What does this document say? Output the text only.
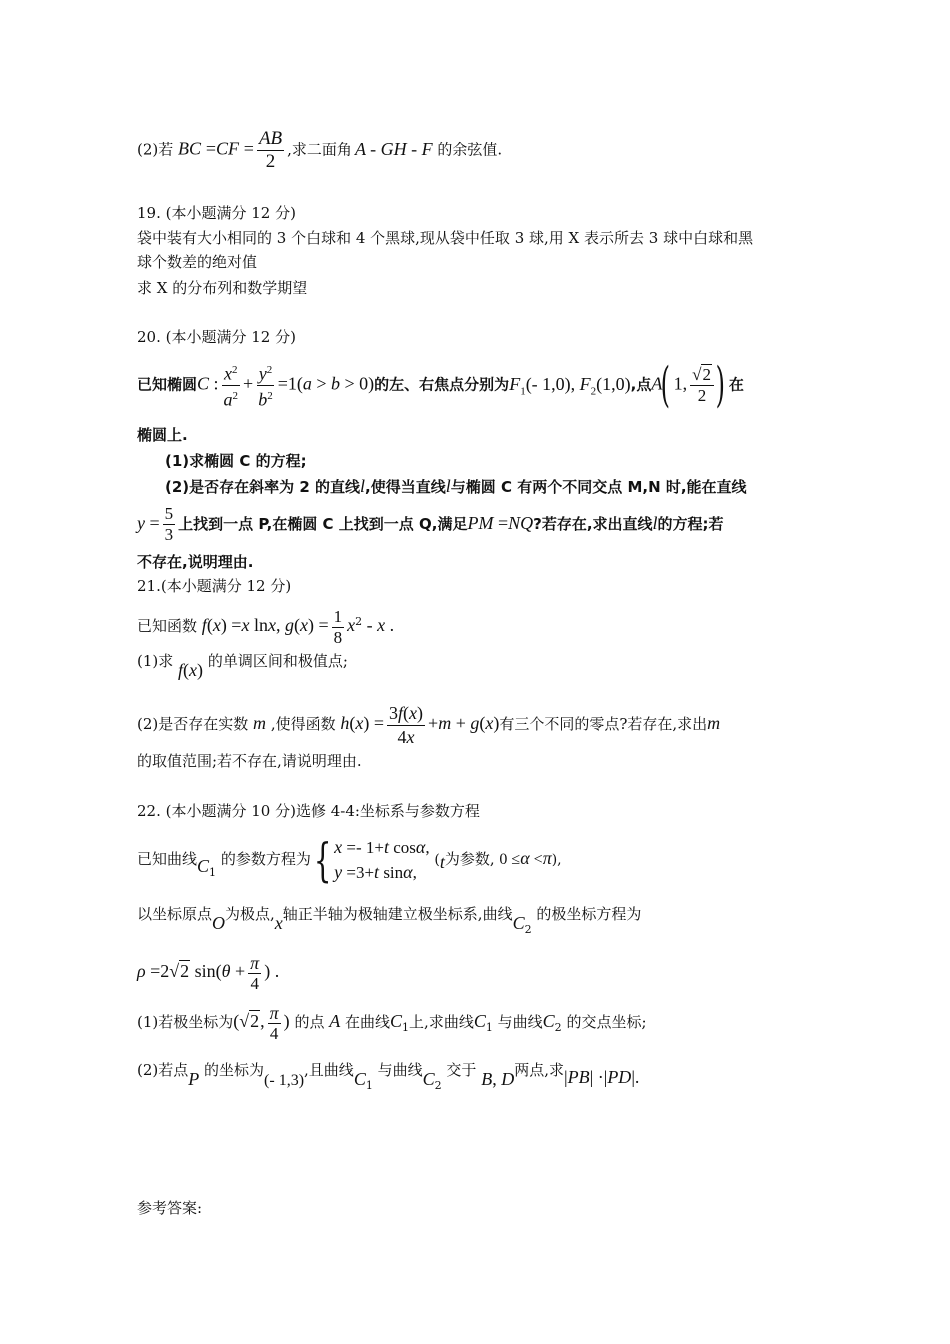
(2)若 BC $=CF = \frac{AB}{2}$ ,求二面角 A - GH - F 的余弦值.
19. (本小题满分 12 分)
袋中装有大小相同的 3 个白球和 4 个黑球,现从袋中任取 3 球,用 X 表示所去 3 球中白球和黑
球个数差的绝对值
求 X 的分布列和数学期望
20. (本小题满分 12 分)
已知椭圆C : $\frac{x^2}{a^2} + \frac{y^2}{b^2} =1(a > b > 0)$的左、右焦点分别为$F_1(-$ 1,0), $F_2(1,0)$,点A( 1, $\frac{√2}{2}$ ) 在
椭圆上.
(1)求椭圆 C 的方程;
(2)是否存在斜率为 2 的直线l,使得当直线l与椭圆 C 有两个不同交点 M,N 时,能在直线
$y = \frac{5}{3}$ 上找到一点 P,在椭圆 C 上找到一点 Q,满足PM =NQ?若存在,求出直线l的方程;若
不存在,说明理由.
21.(本小题满分 12 分)
已知函数 f(x) =x lnx, $g(x) = \frac{1}{8} x^2 - x$ .
(1)求 f(x) 的单调区间和极值点;
(2)是否存在实数 m ,使得函数 $h(x) = \frac{3f(x)}{4x} +m + g(x)$有三个不同的零点?若存在,求出m
的取值范围;若不存在,请说明理由.
22. (本小题满分 10 分)选修 4-4:坐标系与参数方程
已知曲线$C_1$ 的参数方程为{ x =- 1+t cosα,
y =3+t sinα,
(t为参数, 0 ≤α <π),
以坐标原点O为极点,x轴正半轴为极轴建立极坐标系,曲线$C_2$ 的极坐标方程为
ρ =2√2 $\sin(\theta + \frac{\pi}{4}$ ) .
(1)若极坐标为(√2, $\frac{\pi}{4}$ ) 的点 A 在曲线$C_1$上,求曲线$C_1$ 与曲线$C_2$ 的交点坐标;
(2)若点P 的坐标为(- 1,3),且曲线$C_1$ 与曲线$C_2$ 交于 B, D两点,求|PB| ·|PD|.
参考答案:
